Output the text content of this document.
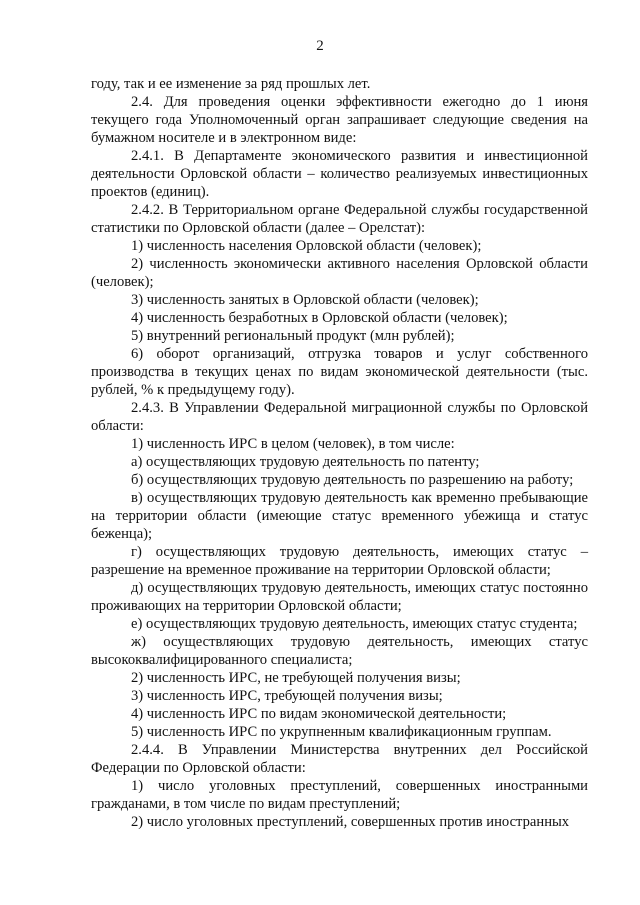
2

году, так и ее изменение за ряд прошлых лет.

2.4. Для проведения оценки эффективности ежегодно до 1 июня текущего года Уполномоченный орган запрашивает следующие сведения на бумажном носителе и в электронном виде:

2.4.1. В Департаменте экономического развития и инвестиционной деятельности Орловской области – количество реализуемых инвестиционных проектов (единиц).

2.4.2. В Территориальном органе Федеральной службы государственной статистики по Орловской области (далее – Орелстат):

1) численность населения Орловской области (человек);

2) численность экономически активного населения Орловской области (человек);

3) численность занятых в Орловской области (человек);

4) численность безработных в Орловской области (человек);

5) внутренний региональный продукт (млн рублей);

6) оборот организаций, отгрузка товаров и услуг собственного производства в текущих ценах по видам экономической деятельности (тыс. рублей, % к предыдущему году).

2.4.3. В Управлении Федеральной миграционной службы по Орловской области:

1) численность ИРС в целом (человек), в том числе:

а) осуществляющих трудовую деятельность по патенту;

б) осуществляющих трудовую деятельность по разрешению на работу;

в) осуществляющих трудовую деятельность как временно пребывающие на территории области (имеющие статус временного убежища и статус беженца);

г) осуществляющих трудовую деятельность, имеющих статус – разрешение на временное проживание на территории Орловской области;

д) осуществляющих трудовую деятельность, имеющих статус постоянно проживающих на территории Орловской области;

е) осуществляющих трудовую деятельность, имеющих статус студента;

ж) осуществляющих трудовую деятельность, имеющих статус высококвалифицированного специалиста;

2) численность ИРС, не требующей получения визы;

3) численность ИРС, требующей получения визы;

4) численность ИРС по видам экономической деятельности;

5) численность ИРС по укрупненным квалификационным группам.

2.4.4. В Управлении Министерства внутренних дел Российской Федерации по Орловской области:

1) число уголовных преступлений, совершенных иностранными гражданами, в том числе по видам преступлений;

2) число уголовных преступлений, совершенных против иностранных
